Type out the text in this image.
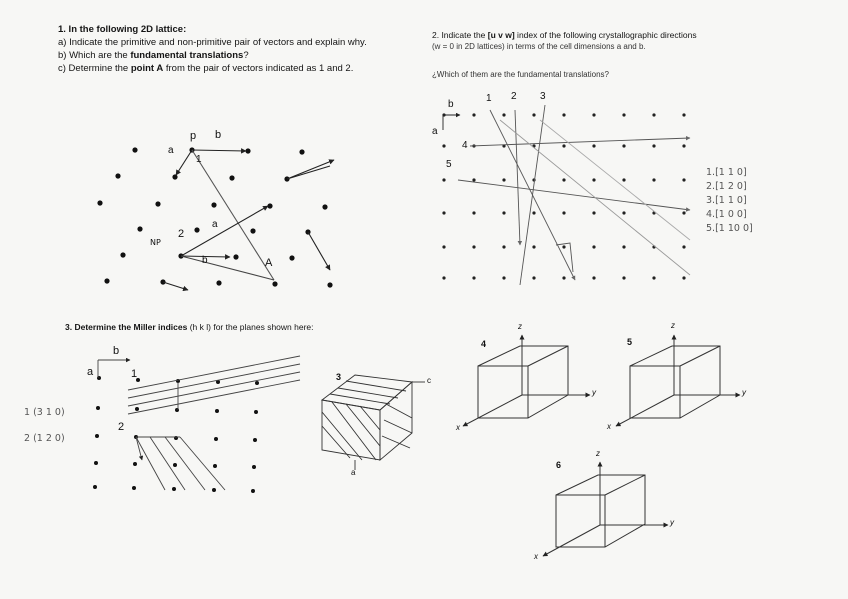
1. In the following 2D lattice:
a) Indicate the primitive and non-primitive pair of vectors and explain why.
b) Which are the fundamental translations?
c) Determine the point A from the pair of vectors indicated as 1 and 2.
2. Indicate the [u v w] index of the following crystallographic directions
(w = 0 in 2D lattices) in terms of the cell dimensions a and b.
¿Which of them are the fundamental translations?
3. Determine the Miller indices (h k l) for the planes shown here:
p b
a
1
2
a
b	A
NP
b
a
1 2 3
4
5
1.[1 1 0]
2.[1 2 0]
3.[1 1 0]
4.[1 0 0]
5.[1 10 0]
b
a	1
2
3
4	5
6
c
a
z
y
x
z
y
x
z
y
x
1 (3 1 0)
2 (1 2 0)
